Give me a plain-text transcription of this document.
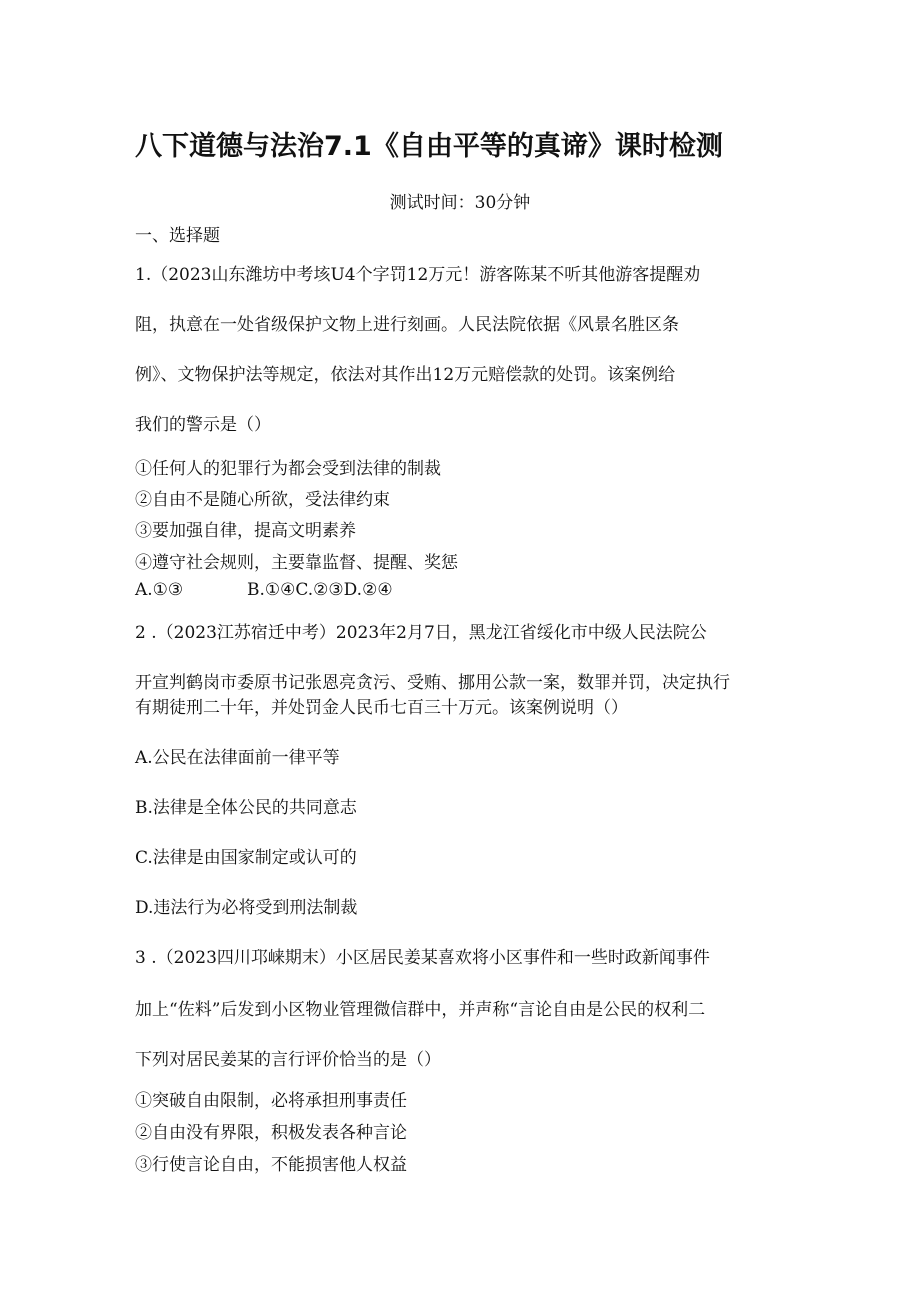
八下道德与法治7.1《自由平等的真谛》课时检测
测试时间：30分钟
一、选择题
1.（2023山东潍坊中考垓U4个字罚12万元！游客陈某不听其他游客提醒劝
阻，执意在一处省级保护文物上进行刻画。人民法院依据《风景名胜区条
例》、文物保护法等规定，依法对其作出12万元赔偿款的处罚。该案例给
我们的警示是（）
①任何人的犯罪行为都会受到法律的制裁
②自由不是随心所欲，受法律约束
③要加强自律，提高文明素养
④遵守社会规则，主要靠监督、提醒、奖惩
A.①③	B.①④C.②③D.②④
2 .（2023江苏宿迁中考）2023年2月7日，黑龙江省绥化市中级人民法院公
开宣判鹤岗市委原书记张恩亮贪污、受贿、挪用公款一案，数罪并罚，决定执行
有期徒刑二十年，并处罚金人民币七百三十万元。该案例说明（）
A.公民在法律面前一律平等
B.法律是全体公民的共同意志
C.法律是由国家制定或认可的
D.违法行为必将受到刑法制裁
3 .（2023四川邛崃期末）小区居民姜某喜欢将小区事件和一些时政新闻事件
加上“佐料”后发到小区物业管理微信群中，并声称“言论自由是公民的权利二
下列对居民姜某的言行评价恰当的是（）
①突破自由限制，必将承担刑事责任
②自由没有界限，积极发表各种言论
③行使言论自由，不能损害他人权益
